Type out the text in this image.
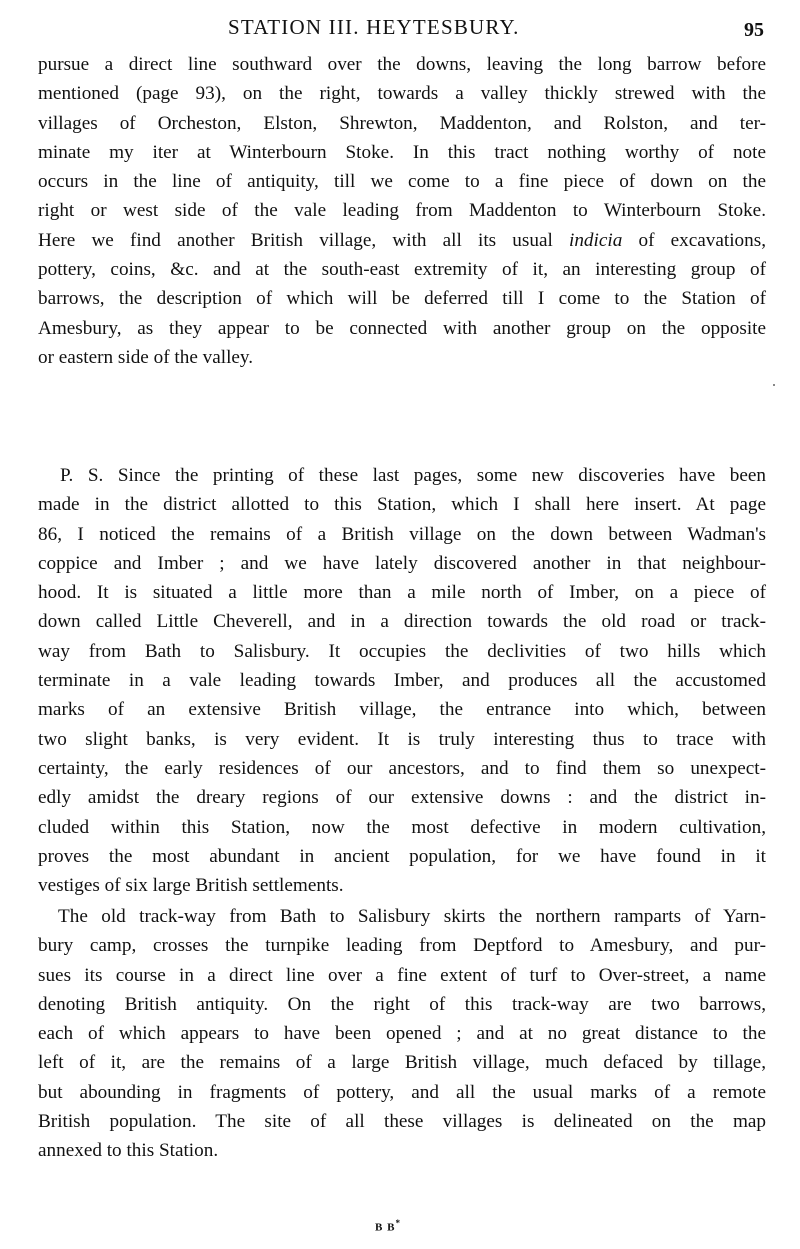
STATION III. HEYTESBURY.	95
pursue a direct line southward over the downs, leaving the long barrow before
mentioned (page 93), on the right, towards a valley thickly strewed with the
villages of Orcheston, Elston, Shrewton, Maddenton, and Rolston, and ter-
minate my iter at Winterbourn Stoke. In this tract nothing worthy of note
occurs in the line of antiquity, till we come to a fine piece of down on the
right or west side of the vale leading from Maddenton to Winterbourn Stoke.
Here we find another British village, with all its usual indicia of excavations,
pottery, coins, &c. and at the south-east extremity of it, an interesting group of
barrows, the description of which will be deferred till I come to the Station of
Amesbury, as they appear to be connected with another group on the opposite
or eastern side of the valley.
P. S. Since the printing of these last pages, some new discoveries have been
made in the district allotted to this Station, which I shall here insert. At page
86, I noticed the remains of a British village on the down between Wadman's
coppice and Imber ; and we have lately discovered another in that neighbour-
hood. It is situated a little more than a mile north of Imber, on a piece of
down called Little Cheverell, and in a direction towards the old road or track-
way from Bath to Salisbury. It occupies the declivities of two hills which
terminate in a vale leading towards Imber, and produces all the accustomed
marks of an extensive British village, the entrance into which, between
two slight banks, is very evident. It is truly interesting thus to trace with
certainty, the early residences of our ancestors, and to find them so unexpect-
edly amidst the dreary regions of our extensive downs : and the district in-
cluded within this Station, now the most defective in modern cultivation,
proves the most abundant in ancient population, for we have found in it
vestiges of six large British settlements.
The old track-way from Bath to Salisbury skirts the northern ramparts of Yarn-
bury camp, crosses the turnpike leading from Deptford to Amesbury, and pur-
sues its course in a direct line over a fine extent of turf to Over-street, a name
denoting British antiquity. On the right of this track-way are two barrows,
each of which appears to have been opened ; and at no great distance to the
left of it, are the remains of a large British village, much defaced by tillage,
but abounding in fragments of pottery, and all the usual marks of a remote
British population. The site of all these villages is delineated on the map
annexed to this Station.
B B*
